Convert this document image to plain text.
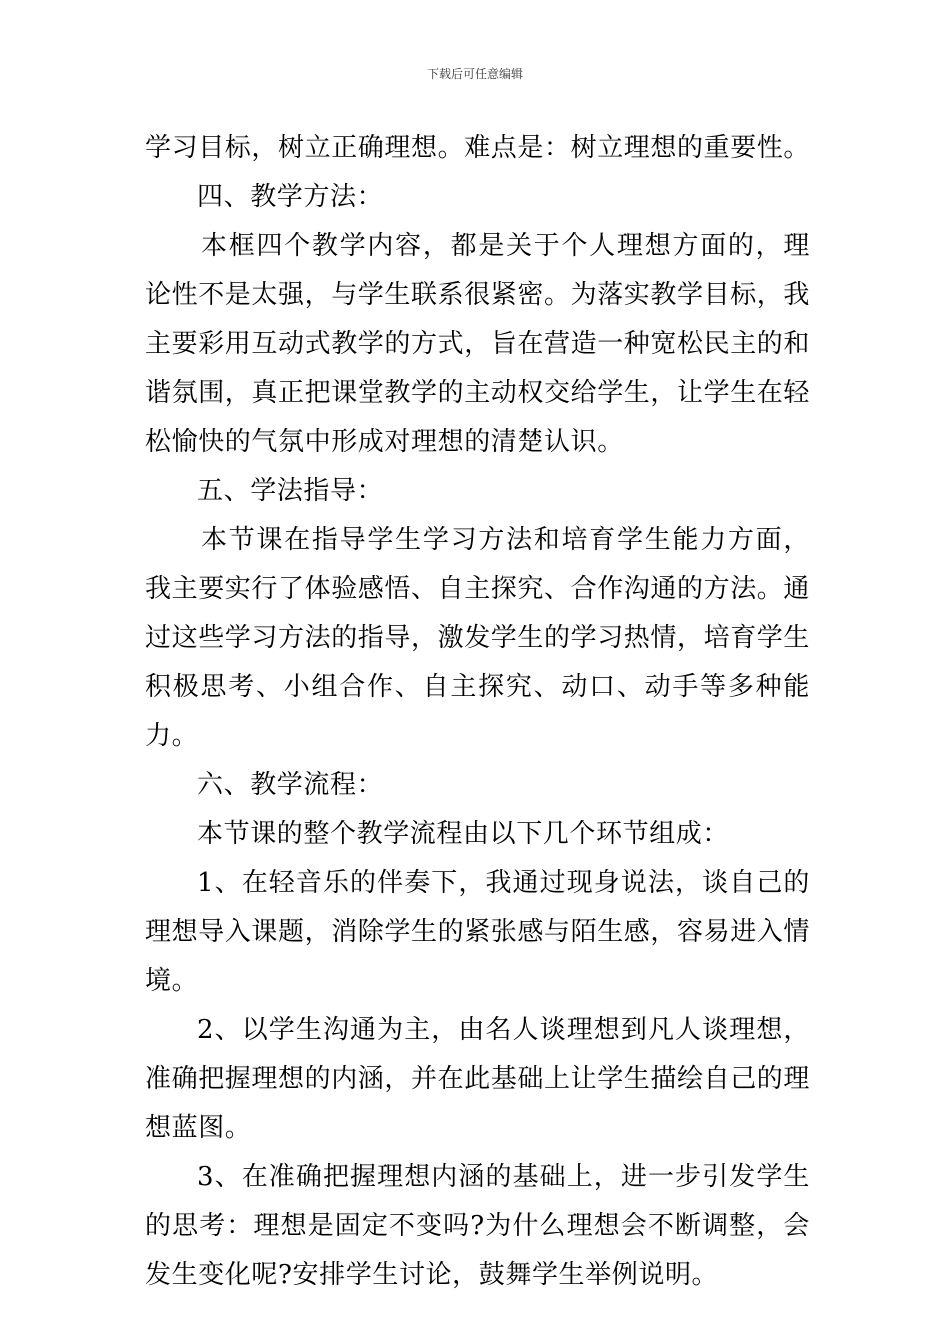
下载后可任意编辑

学习目标，树立正确理想。难点是：树立理想的重要性。

四、教学方法：

本框四个教学内容，都是关于个人理想方面的，理论性不是太强，与学生联系很紧密。为落实教学目标，我主要彩用互动式教学的方式，旨在营造一种宽松民主的和谐氛围，真正把课堂教学的主动权交给学生，让学生在轻松愉快的气氛中形成对理想的清楚认识。

五、学法指导：

本节课在指导学生学习方法和培育学生能力方面，我主要实行了体验感悟、自主探究、合作沟通的方法。通过这些学习方法的指导，激发学生的学习热情，培育学生积极思考、小组合作、自主探究、动口、动手等多种能力。

六、教学流程：

本节课的整个教学流程由以下几个环节组成：

1、在轻音乐的伴奏下，我通过现身说法，谈自己的理想导入课题，消除学生的紧张感与陌生感，容易进入情境。

2、以学生沟通为主，由名人谈理想到凡人谈理想，准确把握理想的内涵，并在此基础上让学生描绘自己的理想蓝图。

3、在准确把握理想内涵的基础上，进一步引发学生的思考：理想是固定不变吗?为什么理想会不断调整，会发生变化呢?安排学生讨论，鼓舞学生举例说明。
